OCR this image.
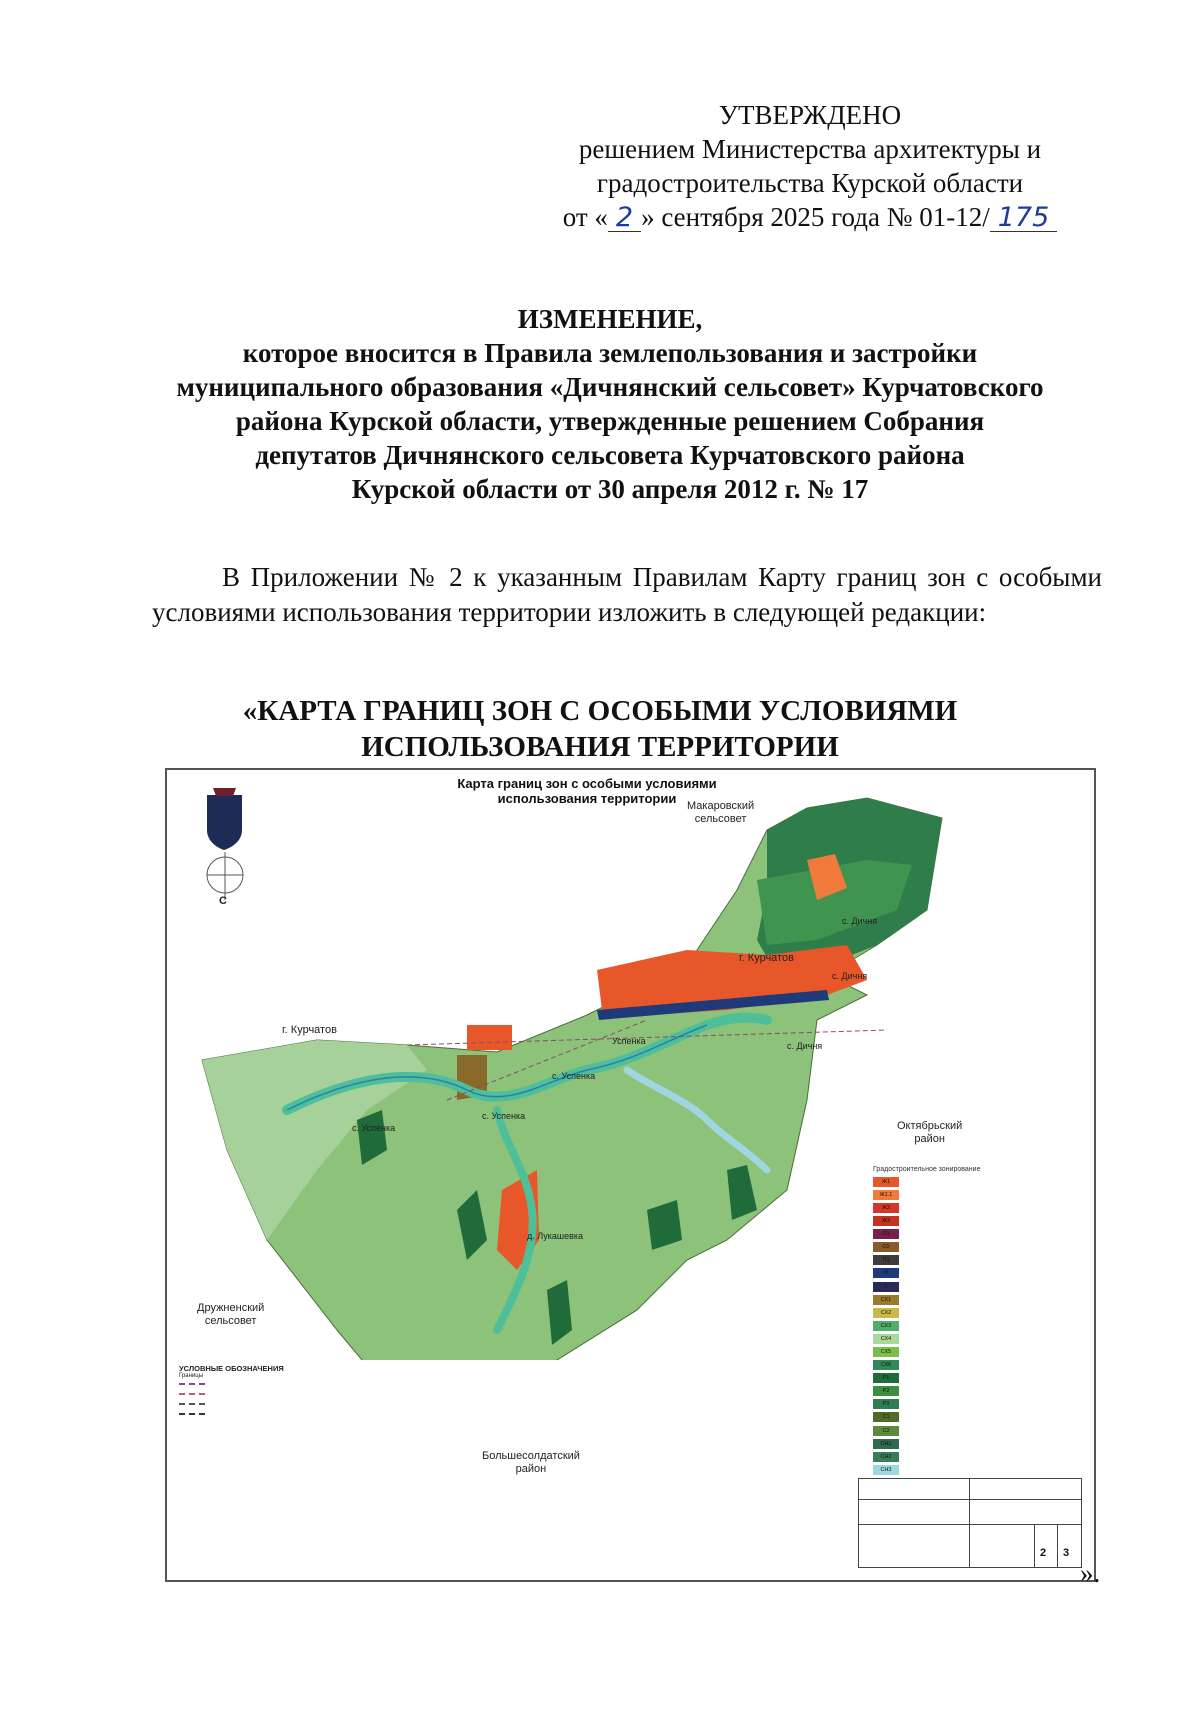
УТВЕРЖДЕНО
решением Министерства архитектуры и
градостроительства Курской области
от « 2 » сентября 2025 года № 01-12/ 175
ИЗМЕНЕНИЕ,
которое вносится в Правила землепользования и застройки
муниципального образования «Дичнянский сельсовет» Курчатовского
района Курской области, утвержденные решением Собрания
депутатов Дичнянского сельсовета Курчатовского района
Курской области от 30 апреля 2012 г. № 17
В Приложении № 2 к указанным Правилам Карту границ зон с особыми условиями использования территории изложить в следующей редакции:
«КАРТА ГРАНИЦ ЗОН С ОСОБЫМИ УСЛОВИЯМИ
ИСПОЛЬЗОВАНИЯ ТЕРРИТОРИИ
Карта границ зон с особыми условиями
использования территории
С
Макаровский
сельсовет
г. Курчатов
г. Курчатов
с. Дичня
с. Дичня
с. Дичня
Успенка
с. Успенка
с. Успенка
с. Успенка
д. Лукашевка
Октябрьский
район
Дружненский
сельсовет
Большесолдатский
район
Градостроительное зонирование
Ж1
Ж1.1
Ж2
Ж3
О1
О2
П1
И
Т
СХ1
СХ2
СХ3
СХ4
СХ5
СХ6
Р1
Р2
Р3
С1
С2
СН1
СН2
СН3
УСЛОВНЫЕ ОБОЗНАЧЕНИЯ
Границы
2 3
».
